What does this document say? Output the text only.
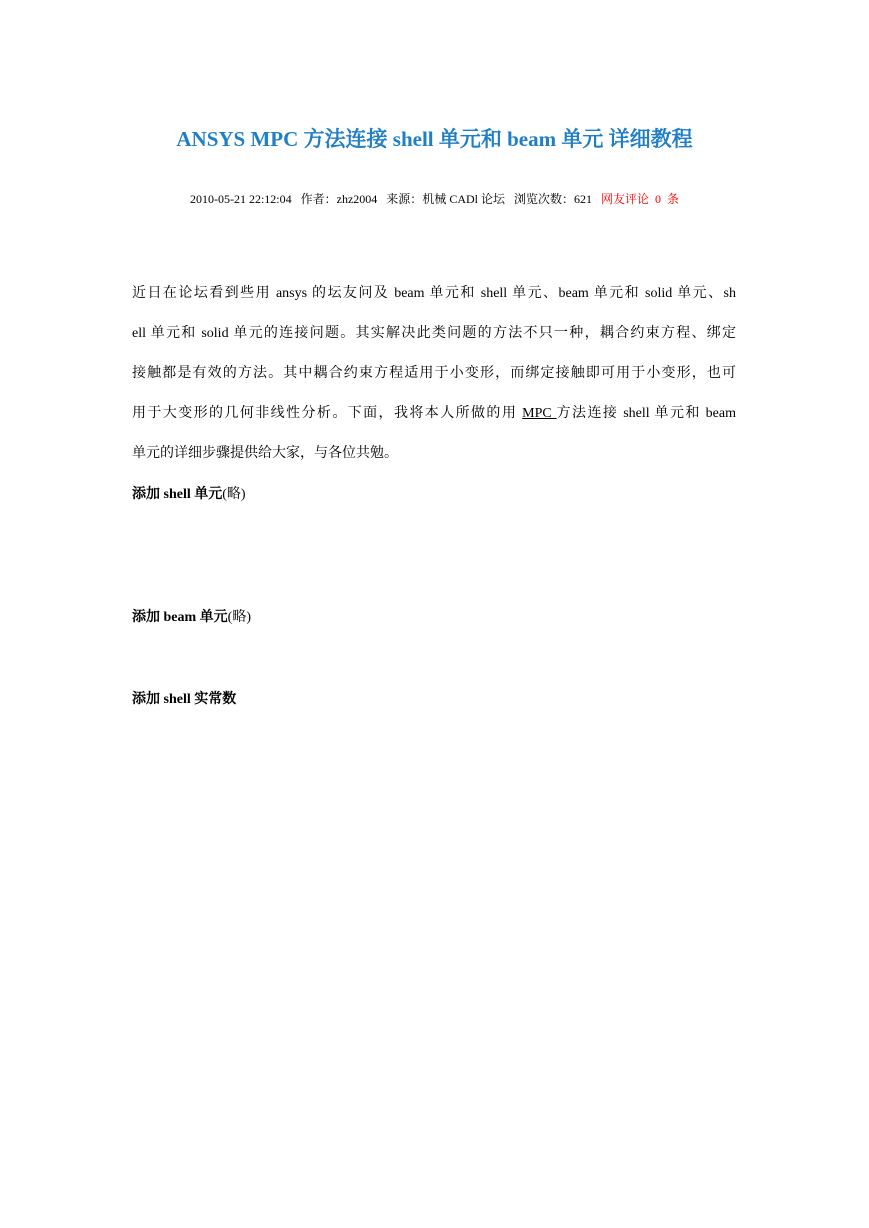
ANSYS MPC 方法连接 shell 单元和 beam 单元 详细教程
2010-05-21 22:12:04 作者：zhz2004 来源：机械 CADl 论坛 浏览次数：621 网友评论 0 条
近日在论坛看到些用 ansys 的坛友问及 beam 单元和 shell 单元、beam 单元和 solid 单元、sh
ell 单元和 solid 单元的连接问题。其实解决此类问题的方法不只一种，耦合约束方程、绑定
接触都是有效的方法。其中耦合约束方程适用于小变形，而绑定接触即可用于小变形，也可
用于大变形的几何非线性分析。下面，我将本人所做的用 MPC 方法连接 shell 单元和 beam
单元的详细步骤提供给大家，与各位共勉。
添加 shell 单元(略)
添加 beam 单元(略)
添加 shell 实常数
